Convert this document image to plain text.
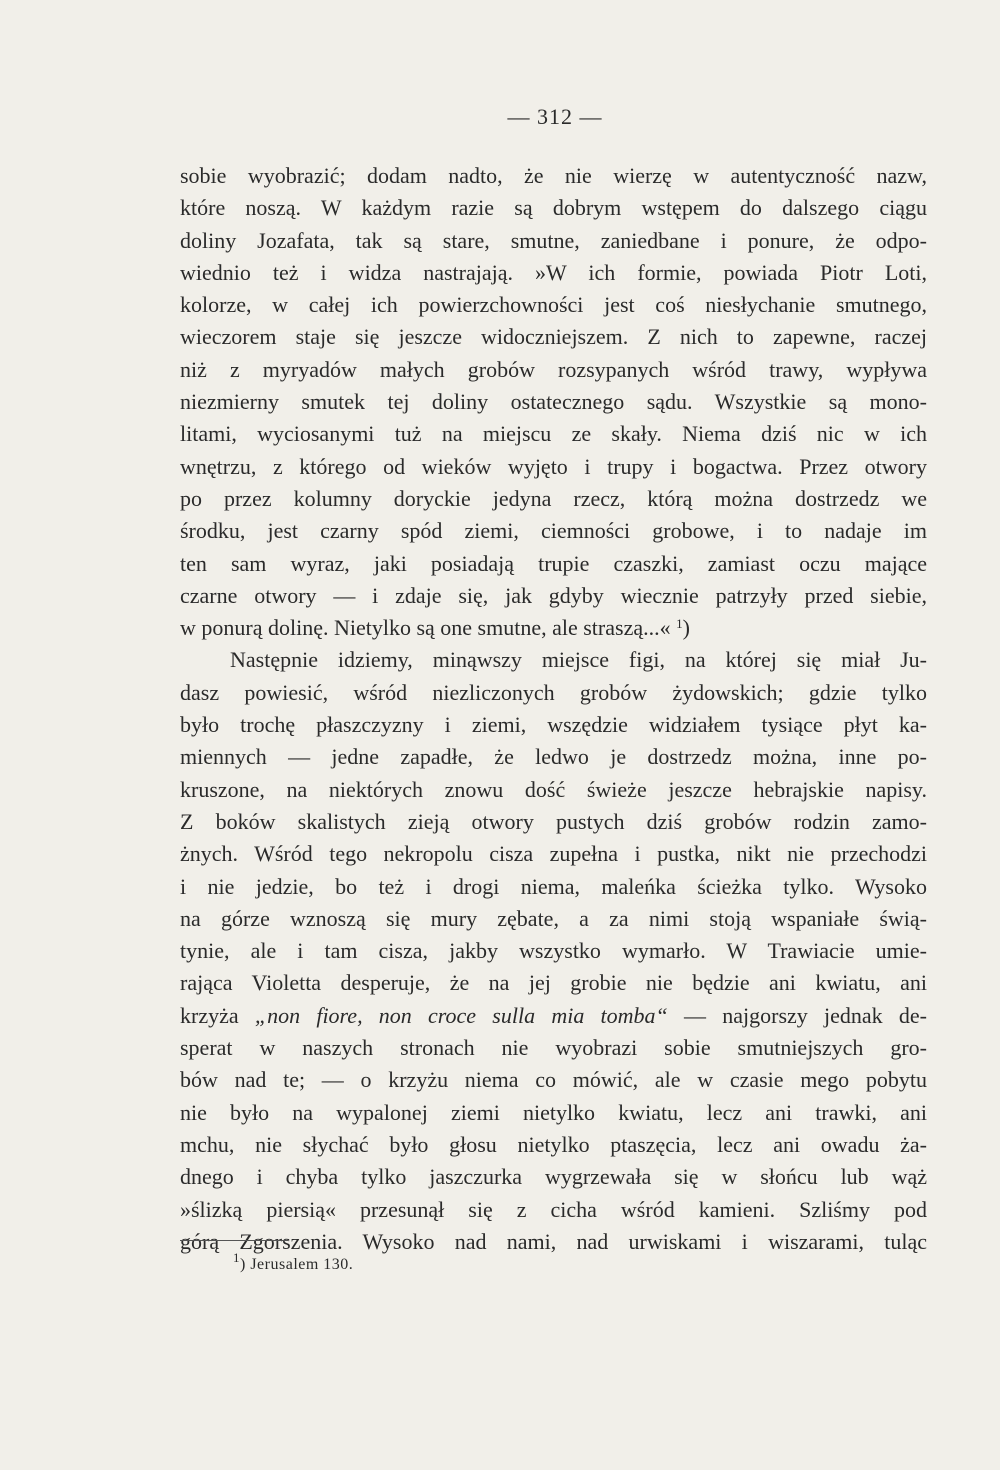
— 312 —
sobie wyobrazić; dodam nadto, że nie wierzę w autentyczność nazw,
które noszą. W każdym razie są dobrym wstępem do dalszego ciągu
doliny Jozafata, tak są stare, smutne, zaniedbane i ponure, że odpo-
wiednio też i widza nastrajają. »W ich formie, powiada Piotr Loti,
kolorze, w całej ich powierzchowności jest coś niesłychanie smutnego,
wieczorem staje się jeszcze widoczniejszem. Z nich to zapewne, raczej
niż z myryadów małych grobów rozsypanych wśród trawy, wypływa
niezmierny smutek tej doliny ostatecznego sądu. Wszystkie są mono-
litami, wyciosanymi tuż na miejscu ze skały. Niema dziś nic w ich
wnętrzu, z którego od wieków wyjęto i trupy i bogactwa. Przez otwory
po przez kolumny doryckie jedyna rzecz, którą można dostrzedz we
środku, jest czarny spód ziemi, ciemności grobowe, i to nadaje im
ten sam wyraz, jaki posiadają trupie czaszki, zamiast oczu mające
czarne otwory — i zdaje się, jak gdyby wiecznie patrzyły przed siebie,
w ponurą dolinę. Nietylko są one smutne, ale straszą...« $^1$)
Następnie idziemy, minąwszy miejsce figi, na której się miał Ju-
dasz powiesić, wśród niezliczonych grobów żydowskich; gdzie tylko
było trochę płaszczyzny i ziemi, wszędzie widziałem tysiące płyt ka-
miennych — jedne zapadłe, że ledwo je dostrzedz można, inne po-
kruszone, na niektórych znowu dość świeże jeszcze hebrajskie napisy.
Z boków skalistych zieją otwory pustych dziś grobów rodzin zamo-
żnych. Wśród tego nekropolu cisza zupełna i pustka, nikt nie przechodzi
i nie jedzie, bo też i drogi niema, maleńka ścieżka tylko. Wysoko
na górze wznoszą się mury zębate, a za nimi stoją wspaniałe świą-
tynie, ale i tam cisza, jakby wszystko wymarło. W Trawiacie umie-
rająca Violetta desperuje, że na jej grobie nie będzie ani kwiatu, ani
krzyża „non fiore, non croce sulla mia tomba“ — najgorszy jednak de-
sperat w naszych stronach nie wyobrazi sobie smutniejszych gro-
bów nad te; — o krzyżu niema co mówić, ale w czasie mego pobytu
nie było na wypalonej ziemi nietylko kwiatu, lecz ani trawki, ani
mchu, nie słychać było głosu nietylko ptaszęcia, lecz ani owadu ża-
dnego i chyba tylko jaszczurka wygrzewała się w słońcu lub wąż
»ślizką piersią« przesunął się z cicha wśród kamieni. Szliśmy pod
górą Zgorszenia. Wysoko nad nami, nad urwiskami i wiszarami, tuląc
$^1$) Jerusalem 130.
